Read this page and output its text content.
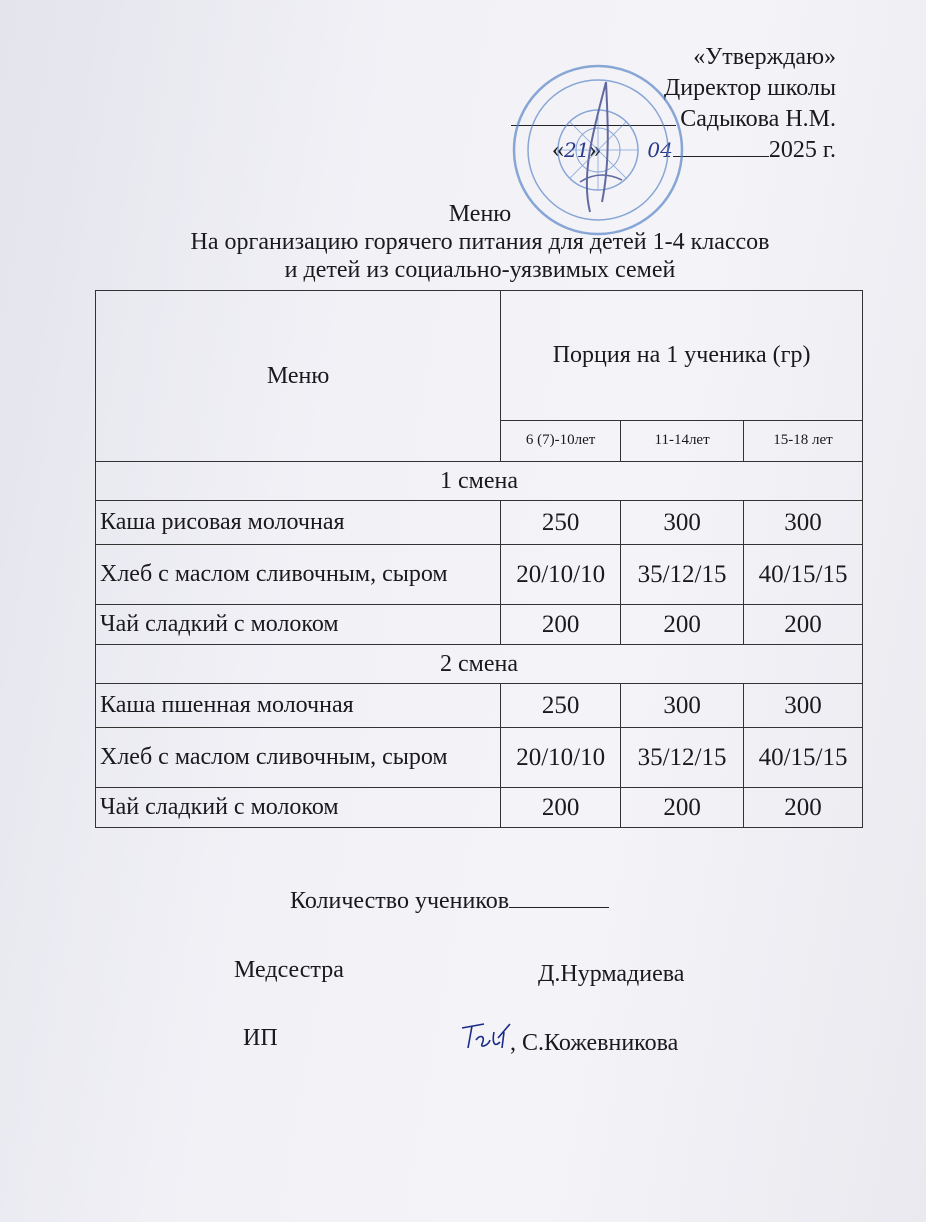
«Утверждаю»
Директор школы
Садыкова Н.М.
«21» 04	2025 г.
Меню
На организацию горячего питания для детей 1-4 классов
и детей из социально-уязвимых семей
Меню	Порция на 1 ученика (гр)		
	6 (7)-10лет	11-14лет	15-18 лет
1 смена			
Каша рисовая молочная	250	300	300
Хлеб с маслом сливочным, сыром	20/10/10	35/12/15	40/15/15
Чай сладкий с молоком	200	200	200
2 смена			
Каша пшенная молочная	250	300	300
Хлеб с маслом сливочным, сыром	20/10/10	35/12/15	40/15/15
Чай сладкий с молоком	200	200	200
Количество учеников
Медсестра	Д.Нурмадиева
ИП	, С.Кожевникова
